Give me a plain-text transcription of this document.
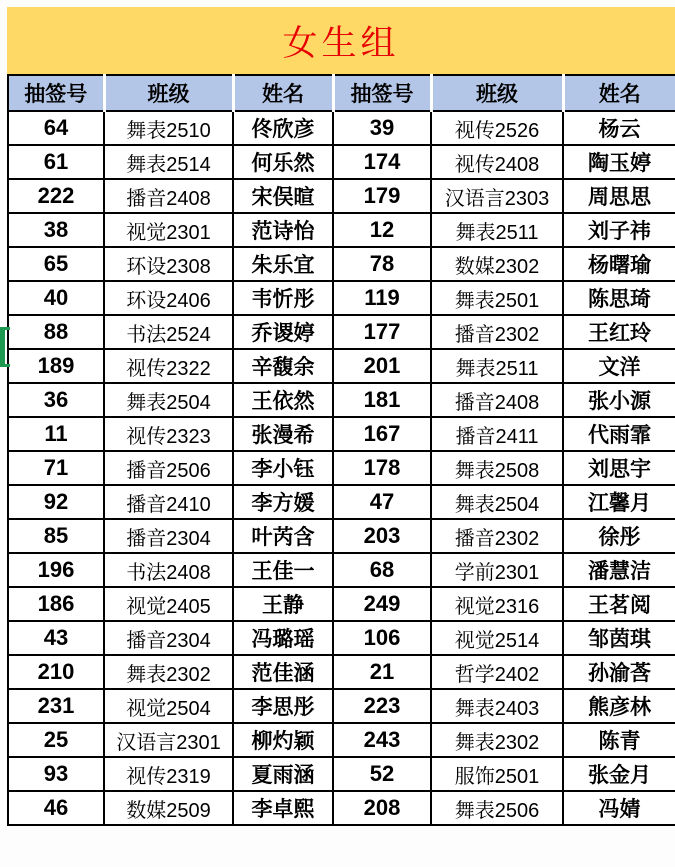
女生组
抽签号	班级	姓名	抽签号	班级	姓名
64	舞表2510	佟欣彦	39	视传2526	杨云
61	舞表2514	何乐然	174	视传2408	陶玉婷
222	播音2408	宋俣暄	179	汉语言2303	周思思
38	视觉2301	范诗怡	12	舞表2511	刘子祎
65	环设2308	朱乐宜	78	数媒2302	杨曙瑜
40	环设2406	韦忻彤	119	舞表2501	陈思琦
88	书法2524	乔谡婷	177	播音2302	王红玲
189	视传2322	辛馥余	201	舞表2511	文洋
36	舞表2504	王依然	181	播音2408	张小源
11	视传2323	张漫希	167	播音2411	代雨霏
71	播音2506	李小钰	178	舞表2508	刘思宇
92	播音2410	李方媛	47	舞表2504	江馨月
85	播音2304	叶芮含	203	播音2302	徐彤
196	书法2408	王佳一	68	学前2301	潘慧洁
186	视觉2405	王静	249	视觉2316	王茗阅
43	播音2304	冯璐瑶	106	视觉2514	邹茵琪
210	舞表2302	范佳涵	21	哲学2402	孙渝莟
231	视觉2504	李思彤	223	舞表2403	熊彦林
25	汉语言2301	柳灼颖	243	舞表2302	陈青
93	视传2319	夏雨涵	52	服饰2501	张金月
46	数媒2509	李卓熙	208	舞表2506	冯婧
